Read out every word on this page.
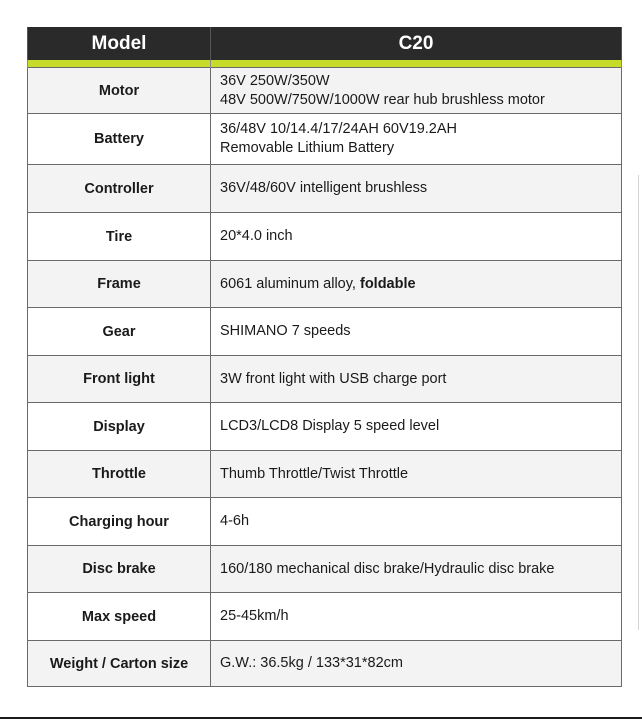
Model	C20

Motor	36V 250W/350W
48V 500W/750W/1000W rear hub brushless motor

Battery	36/48V 10/14.4/17/24AH 60V19.2AH
Removable Lithium Battery

Controller	36V/48/60V intelligent brushless
Tire	20*4.0 inch
Frame	6061 aluminum alloy, foldable
Gear	SHIMANO 7 speeds
Front light	3W front light with USB charge port
Display	LCD3/LCD8 Display 5 speed level
Throttle	Thumb Throttle/Twist Throttle
Charging hour	4-6h
Disc brake	160/180 mechanical disc brake/Hydraulic disc brake
Max speed	25-45km/h
Weight / Carton size	G.W.: 36.5kg / 133*31*82cm
